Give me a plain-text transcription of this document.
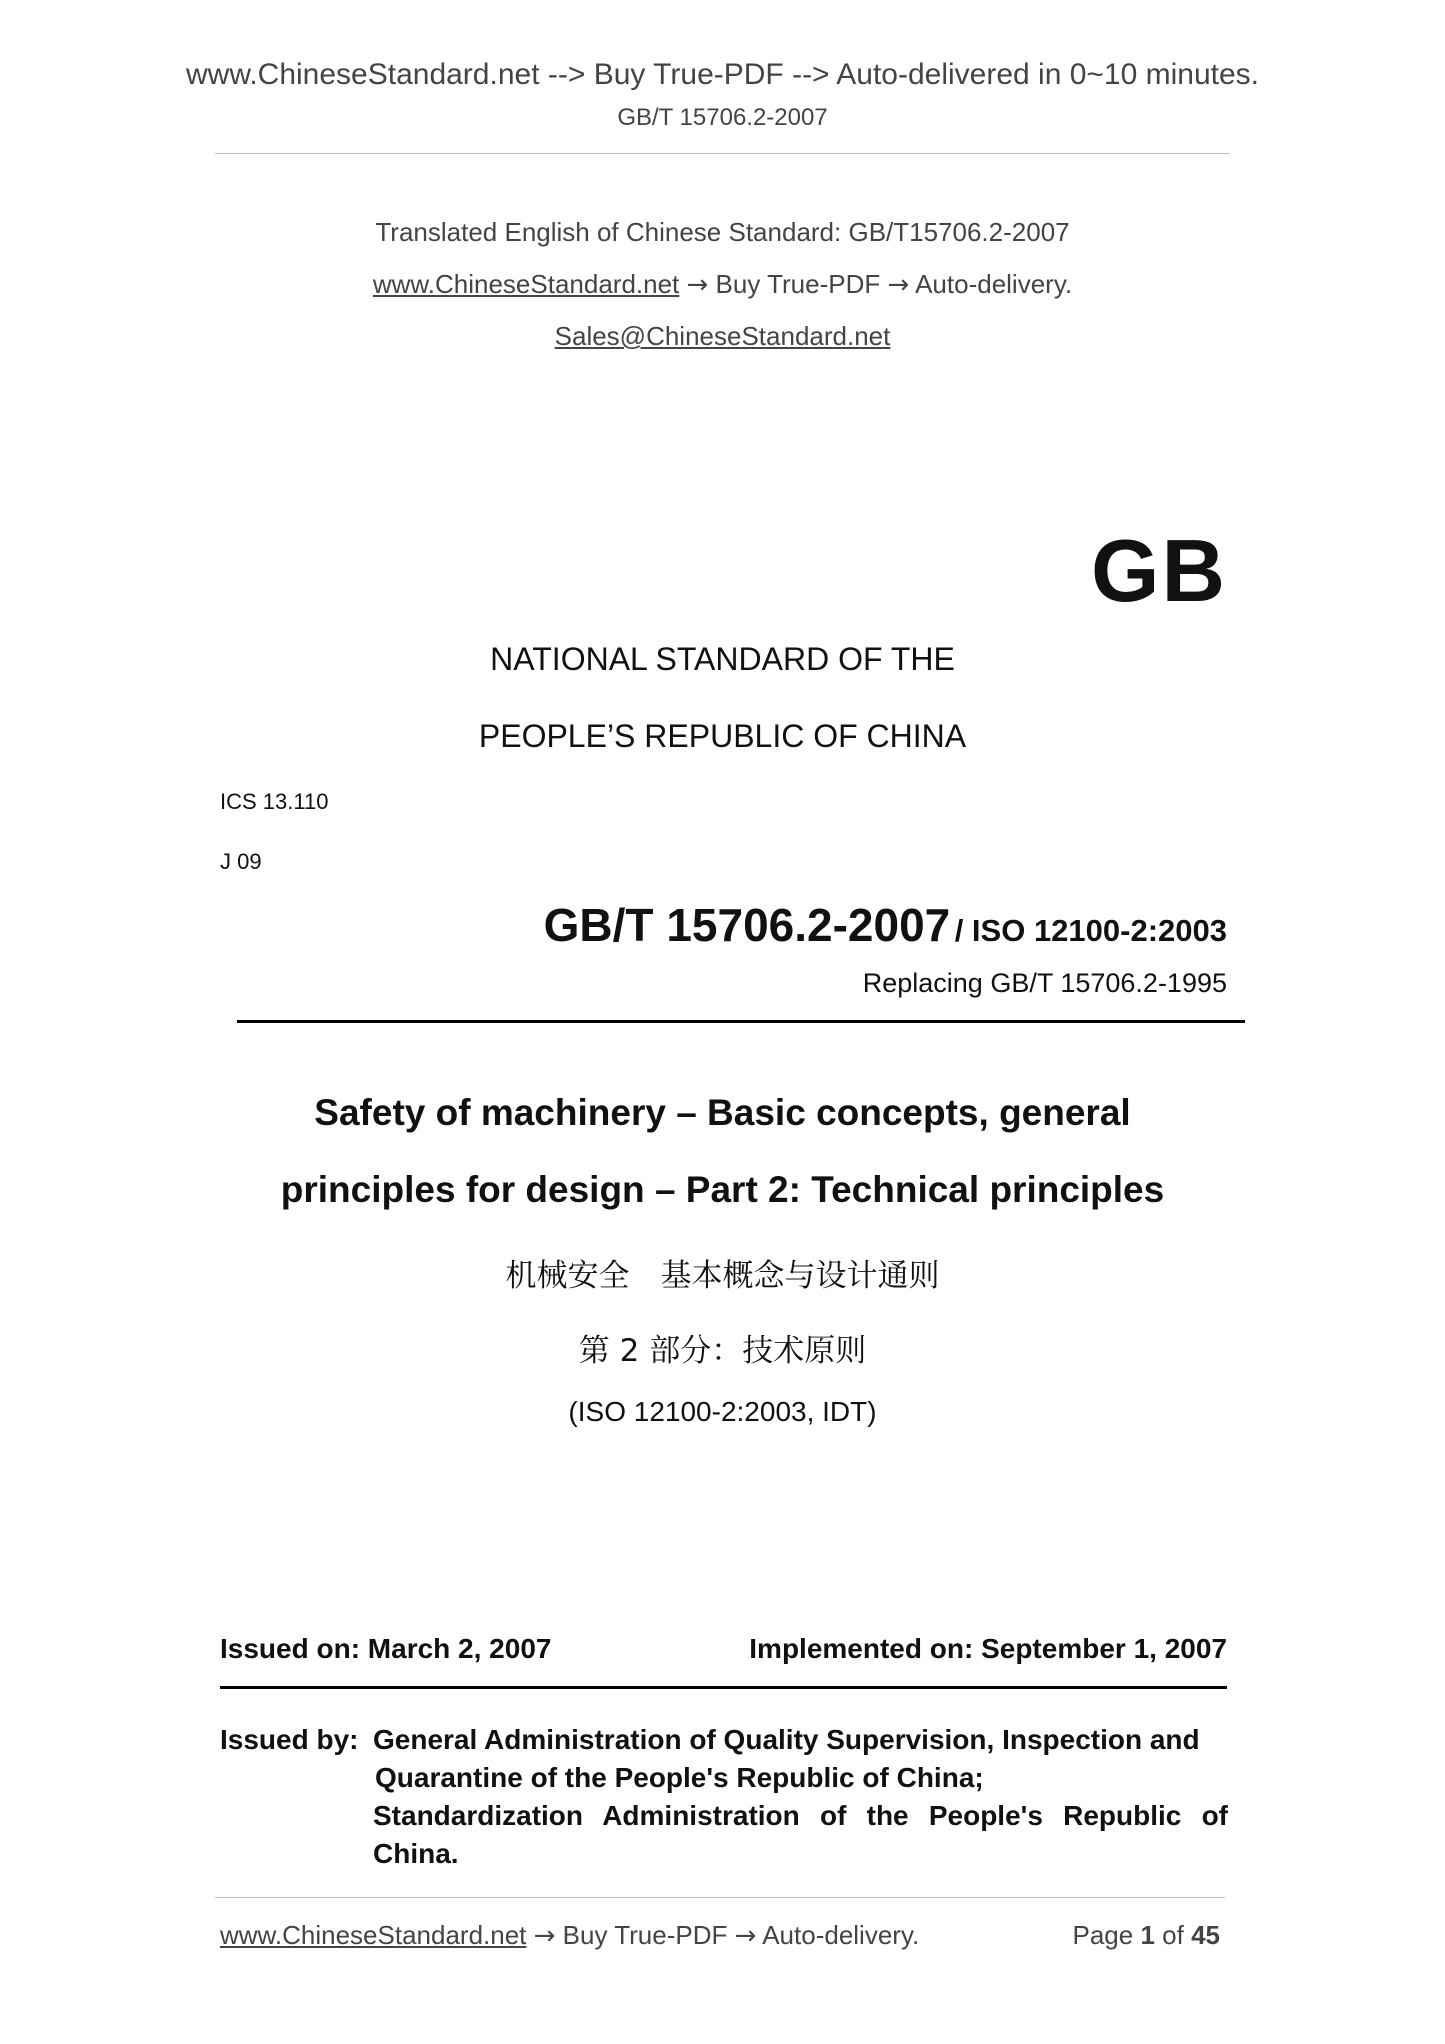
www.ChineseStandard.net --> Buy True-PDF --> Auto-delivered in 0~10 minutes.
GB/T 15706.2-2007
Translated English of Chinese Standard: GB/T15706.2-2007
www.ChineseStandard.net → Buy True-PDF → Auto-delivery.
Sales@ChineseStandard.net
GB
NATIONAL STANDARD OF THE
PEOPLE’S REPUBLIC OF CHINA
ICS 13.110
J 09
GB/T 15706.2-2007 / ISO 12100-2:2003
Replacing GB/T 15706.2-1995
Safety of machinery – Basic concepts, general
principles for design – Part 2: Technical principles
机械安全　基本概念与设计通则
第 2 部分：技术原则
(ISO 12100-2:2003, IDT)
Issued on: March 2, 2007	Implemented on: September 1, 2007
Issued by: General Administration of Quality Supervision, Inspection and
Quarantine of the People's Republic of China;
Standardization Administration of the People's Republic of
China.
www.ChineseStandard.net → Buy True-PDF → Auto-delivery.	Page 1 of 45
